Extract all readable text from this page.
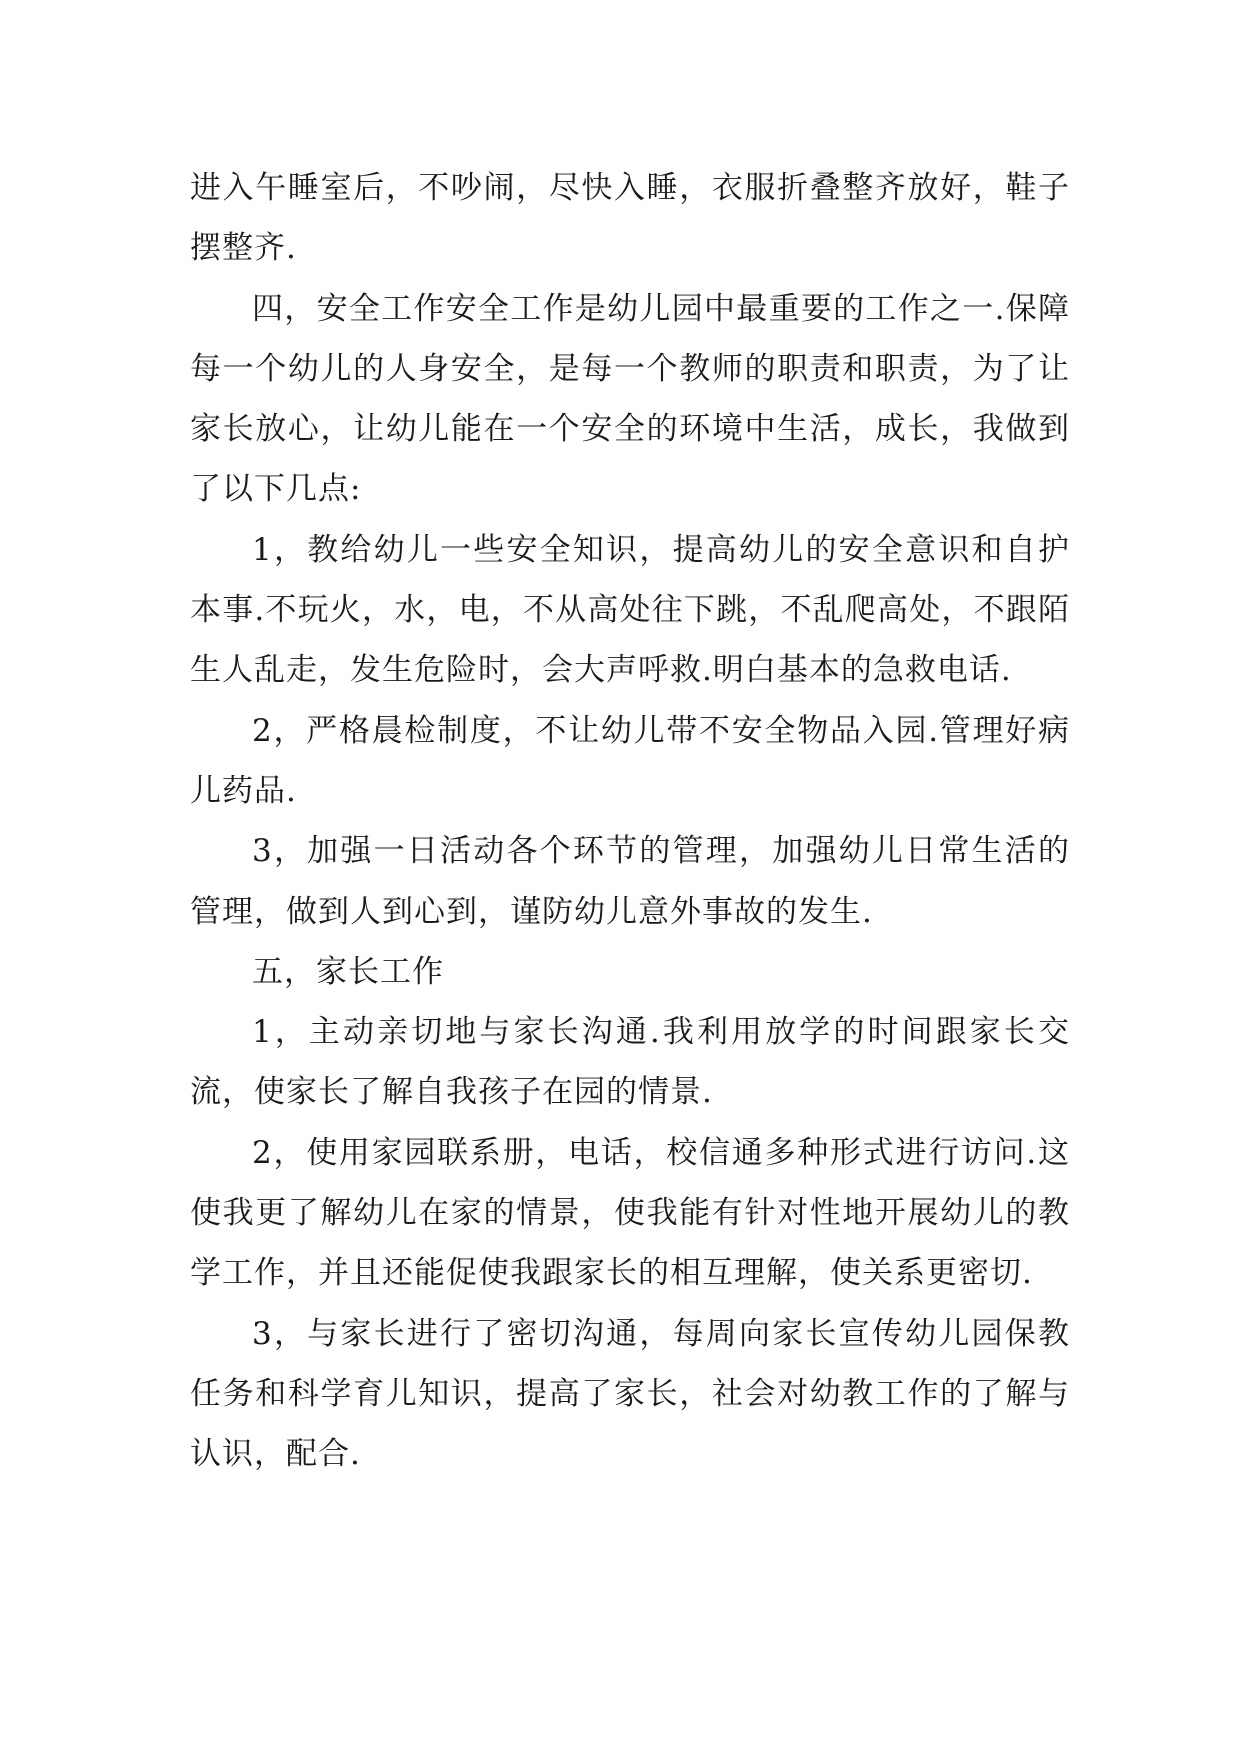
进入午睡室后，不吵闹，尽快入睡，衣服折叠整齐放好，鞋子摆整齐.

四，安全工作安全工作是幼儿园中最重要的工作之一.保障每一个幼儿的人身安全，是每一个教师的职责和职责，为了让家长放心，让幼儿能在一个安全的环境中生活，成长，我做到了以下几点:

1，教给幼儿一些安全知识，提高幼儿的安全意识和自护本事.不玩火，水，电，不从高处往下跳，不乱爬高处，不跟陌生人乱走，发生危险时，会大声呼救.明白基本的急救电话.

2，严格晨检制度，不让幼儿带不安全物品入园.管理好病儿药品.

3，加强一日活动各个环节的管理，加强幼儿日常生活的管理，做到人到心到，谨防幼儿意外事故的发生.

五，家长工作

1，主动亲切地与家长沟通.我利用放学的时间跟家长交流，使家长了解自我孩子在园的情景.

2，使用家园联系册，电话，校信通多种形式进行访问.这使我更了解幼儿在家的情景，使我能有针对性地开展幼儿的教学工作，并且还能促使我跟家长的相互理解，使关系更密切.

3，与家长进行了密切沟通，每周向家长宣传幼儿园保教任务和科学育儿知识，提高了家长，社会对幼教工作的了解与认识，配合.
